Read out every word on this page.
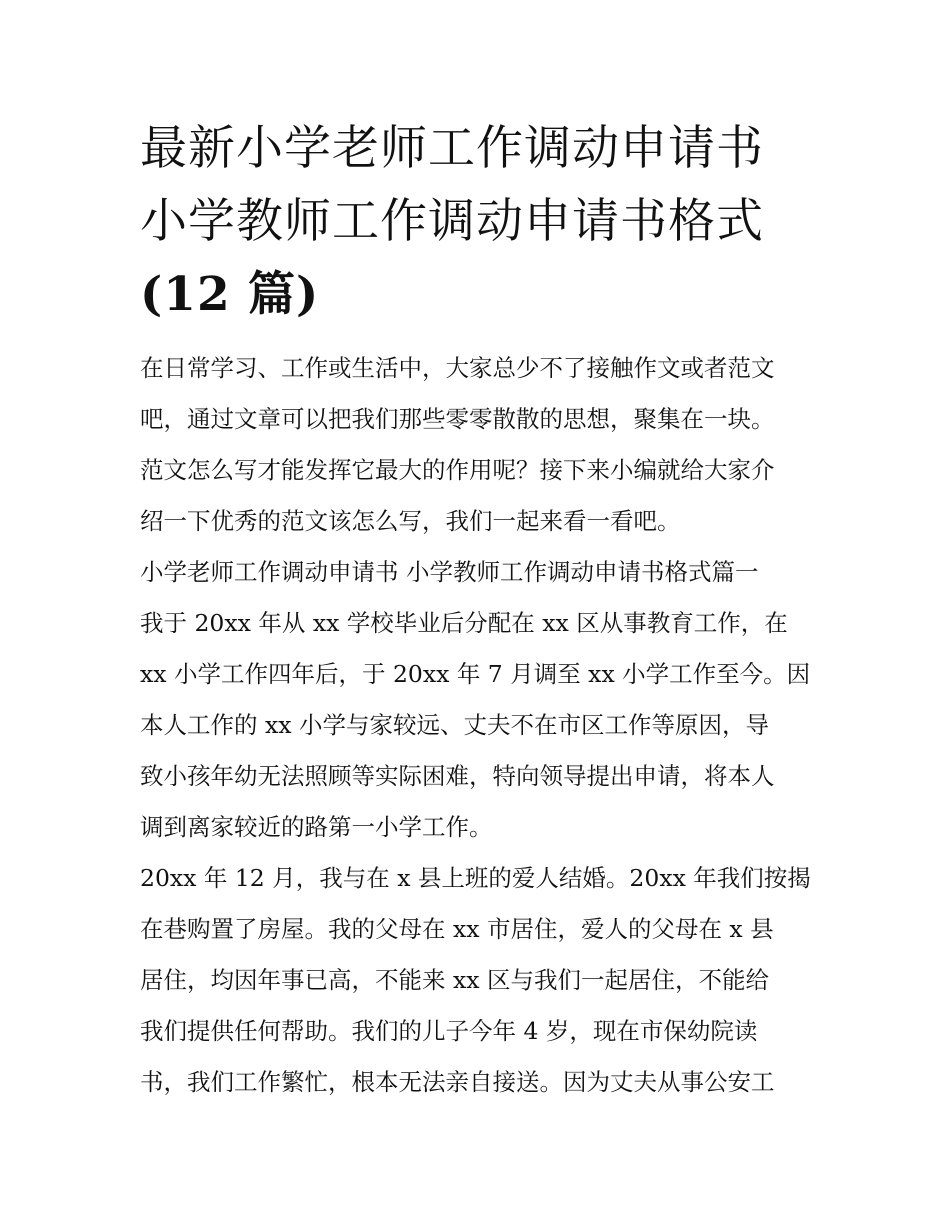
最新小学老师工作调动申请书
小学教师工作调动申请书格式
(12 篇)
在日常学习、工作或生活中，大家总少不了接触作文或者范文
吧，通过文章可以把我们那些零零散散的思想，聚集在一块。
范文怎么写才能发挥它最大的作用呢？接下来小编就给大家介
绍一下优秀的范文该怎么写，我们一起来看一看吧。
小学老师工作调动申请书 小学教师工作调动申请书格式篇一
我于 20xx 年从 xx 学校毕业后分配在 xx 区从事教育工作，在
xx 小学工作四年后，于 20xx 年 7 月调至 xx 小学工作至今。因
本人工作的 xx 小学与家较远、丈夫不在市区工作等原因，导
致小孩年幼无法照顾等实际困难，特向领导提出申请，将本人
调到离家较近的路第一小学工作。
20xx 年 12 月，我与在 x 县上班的爱人结婚。20xx 年我们按揭
在巷购置了房屋。我的父母在 xx 市居住，爱人的父母在 x 县
居住，均因年事已高，不能来 xx 区与我们一起居住，不能给
我们提供任何帮助。我们的儿子今年 4 岁，现在市保幼院读
书，我们工作繁忙，根本无法亲自接送。因为丈夫从事公安工
